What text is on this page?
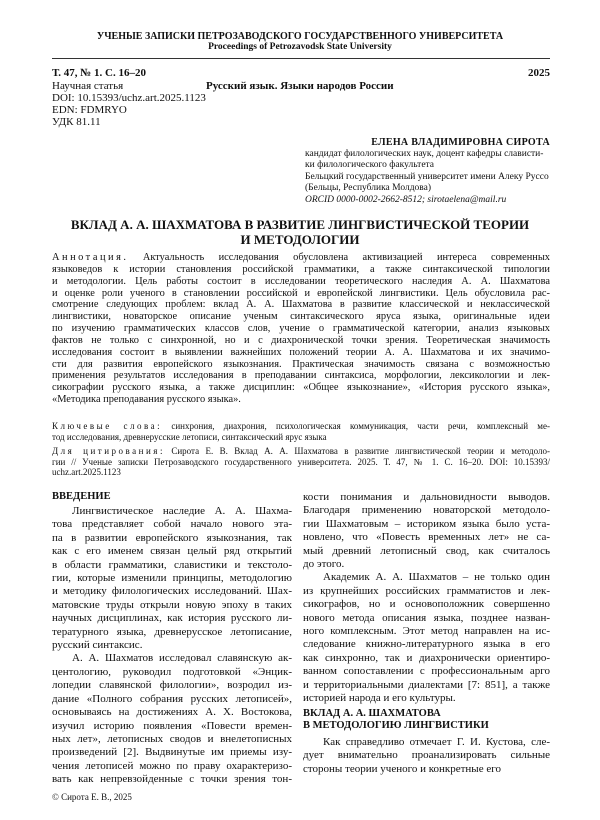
УЧЕНЫЕ ЗАПИСКИ ПЕТРОЗАВОДСКОГО ГОСУДАРСТВЕННОГО УНИВЕРСИТЕТА
Proceedings of Petrozavodsk State University
Т. 47, № 1. С. 16–20	2025
Научная статья	Русский язык. Языки народов России
DOI: 10.15393/uchz.art.2025.1123
EDN: FDMRYO
УДК 81.11
ЕЛЕНА ВЛАДИМИРОВНА СИРОТА
кандидат филологических наук, доцент кафедры слависти-
ки филологического факультета
Бельцкий государственный университет имени Алеку Руссо
(Бельцы, Республика Молдова)
ORCID 0000-0002-2662-8512; sirotaelena@mail.ru
ВКЛАД А. А. ШАХМАТОВА В РАЗВИТИЕ ЛИНГВИСТИЧЕСКОЙ ТЕОРИИ
И МЕТОДОЛОГИИ
Аннотация. Актуальность исследования обусловлена активизацией интереса современных
языковедов к истории становления российской грамматики, а также синтаксической типологии
и методологии. Цель работы состоит в исследовании теоретического наследия А. А. Шахматова
и оценке роли ученого в становлении российской и европейской лингвистики. Цель обусловила рас-
смотрение следующих проблем: вклад А. А. Шахматова в развитие классической и неклассической
лингвистики, новаторское описание ученым синтаксического яруса языка, оригинальные идеи
по изучению грамматических классов слов, учение о грамматической категории, анализ языковых
фактов не только с синхронной, но и с диахронической точки зрения. Теоретическая значимость
исследования состоит в выявлении важнейших положений теории А. А. Шахматова и их значимо-
сти для развития европейского языкознания. Практическая значимость связана с возможностью
применения результатов исследования в преподавании синтаксиса, морфологии, лексикологии и лек-
сикографии русского языка, а также дисциплин: «Общее языкознание», «История русского языка»,
«Методика преподавания русского языка».
Ключевые слова: синхрония, диахрония, психологическая коммуникация, части речи, комплексный ме-
тод исследования, древнерусские летописи, синтаксический ярус языка
Для цитирования: Сирота Е. В. Вклад А. А. Шахматова в развитие лингвистической теории и методоло-
гии // Ученые записки Петрозаводского государственного университета. 2025. Т. 47, № 1. С. 16–20. DOI: 10.15393/
uchz.art.2025.1123
ВВЕДЕНИЕ
Лингвистическое наследие А. А. Шахма-
това представляет собой начало нового эта-
па в развитии европейского языкознания, так
как с его именем связан целый ряд открытий
в области грамматики, славистики и текстоло-
гии, которые изменили принципы, методологию
и методику филологических исследований. Шах-
матовские труды открыли новую эпоху в таких
научных дисциплинах, как история русского ли-
тературного языка, древнерусское летописание,
русский синтаксис.
А. А. Шахматов исследовал славянскую ак-
центологию, руководил подготовкой «Энцик-
лопедии славянской филологии», возродил из-
дание «Полного собрания русских летописей»,
основываясь на достижениях А. Х. Востокова,
изучил историю появления «Повести времен-
ных лет», летописных сводов и внелетописных
произведений [2]. Выдвинутые им приемы изу-
чения летописей можно по праву охарактеризо-
вать как непревзойденные с точки зрения тон-
© Сирота Е. В., 2025
кости понимания и дальновидности выводов.
Благодаря применению новаторской методоло-
гии Шахматовым – историком языка было уста-
новлено, что «Повесть временных лет» не са-
мый древний летописный свод, как считалось
до этого.
Академик А. А. Шахматов – не только один
из крупнейших российских грамматистов и лек-
сикографов, но и основоположник совершенно
нового метода описания языка, позднее назван-
ного комплексным. Этот метод направлен на ис-
следование книжно-литературного языка в его
как синхронно, так и диахронически ориентиро-
ванном сопоставлении с профессиональным арго
и территориальными диалектами [7: 851], а также
историей народа и его культуры.
ВКЛАД А. А. ШАХМАТОВА
В МЕТОДОЛОГИЮ ЛИНГВИСТИКИ
Как справедливо отмечает Г. И. Кустова, сле-
дует внимательно проанализировать сильные
стороны теории ученого и конкретные его
